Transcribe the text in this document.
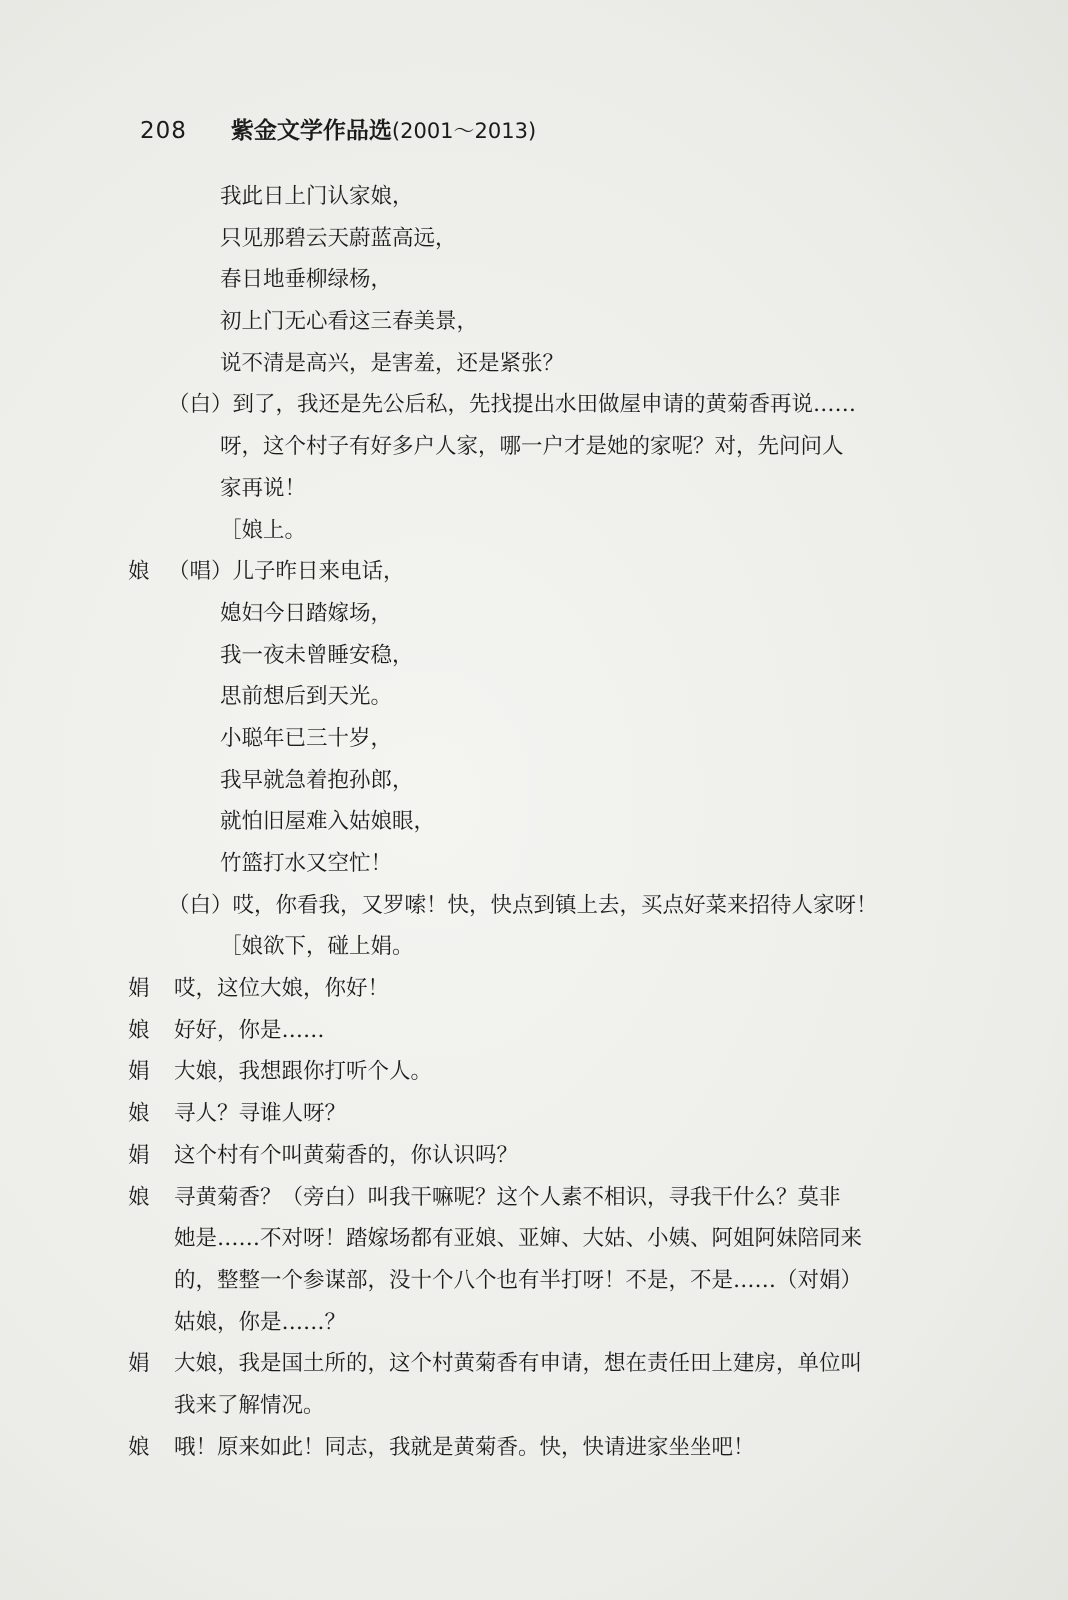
208 紫金文学作品选(2001～2013)
我此日上门认家娘，
只见那碧云天蔚蓝高远，
春日地垂柳绿杨，
初上门无心看这三春美景，
说不清是高兴，是害羞，还是紧张？
（白）到了，我还是先公后私，先找提出水田做屋申请的黄菊香再说……
呀，这个村子有好多户人家，哪一户才是她的家呢？对，先问问人
家再说！
［娘上。
娘 （唱）儿子昨日来电话，
媳妇今日踏嫁场，
我一夜未曾睡安稳，
思前想后到天光。
小聪年已三十岁，
我早就急着抱孙郎，
就怕旧屋难入姑娘眼，
竹篮打水又空忙！
（白）哎，你看我，又罗嗦！快，快点到镇上去，买点好菜来招待人家呀！
［娘欲下，碰上娟。
娟 哎，这位大娘，你好！
娘 好好，你是……
娟 大娘，我想跟你打听个人。
娘 寻人？寻谁人呀？
娟 这个村有个叫黄菊香的，你认识吗？
娘 寻黄菊香？（旁白）叫我干嘛呢？这个人素不相识，寻我干什么？莫非
她是……不对呀！踏嫁场都有亚娘、亚婶、大姑、小姨、阿姐阿妹陪同来
的，整整一个参谋部，没十个八个也有半打呀！不是，不是……（对娟）
姑娘，你是……？
娟 大娘，我是国土所的，这个村黄菊香有申请，想在责任田上建房，单位叫
我来了解情况。
娘 哦！原来如此！同志，我就是黄菊香。快，快请进家坐坐吧！
